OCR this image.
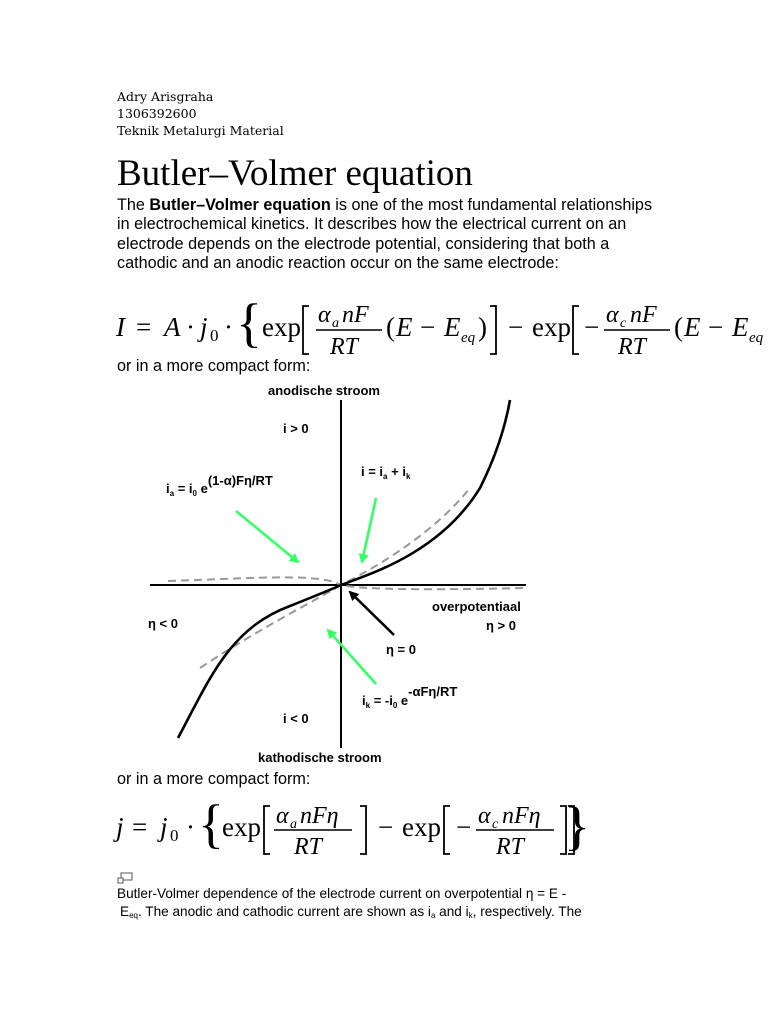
Adry Arisgraha
1306392600
Teknik Metalurgi Material
Butler–Volmer equation
The Butler–Volmer equation is one of the most fundamental relationships in electrochemical kinetics. It describes how the electrical current on an electrode depends on the electrode potential, considering that both a cathodic and an anodic reaction occur on the same electrode:
I = A · j 0 · { exp α a nF
RT
( E − E eq ) − exp − α c nF
RT
( E − E eq
or in a more compact form:
anodische stroom
kathodische stroom
i > 0
i < 0
η < 0	η > 0
η = 0
overpotentiaal
$i_a = i_0$ e(1-α)Fη/RT
$i = i_a + i_k$
$i_k = -i_0$ e-αFη/RT
or in a more compact form:
j = j 0 · {
exp α a nFη
RT
− exp − α c nFη
RT }
Butler-Volmer dependence of the electrode current on overpotential η = E -
$E_{eq}$. The anodic and cathodic current are shown as $i_a$ and $i_k$, respectively. The
